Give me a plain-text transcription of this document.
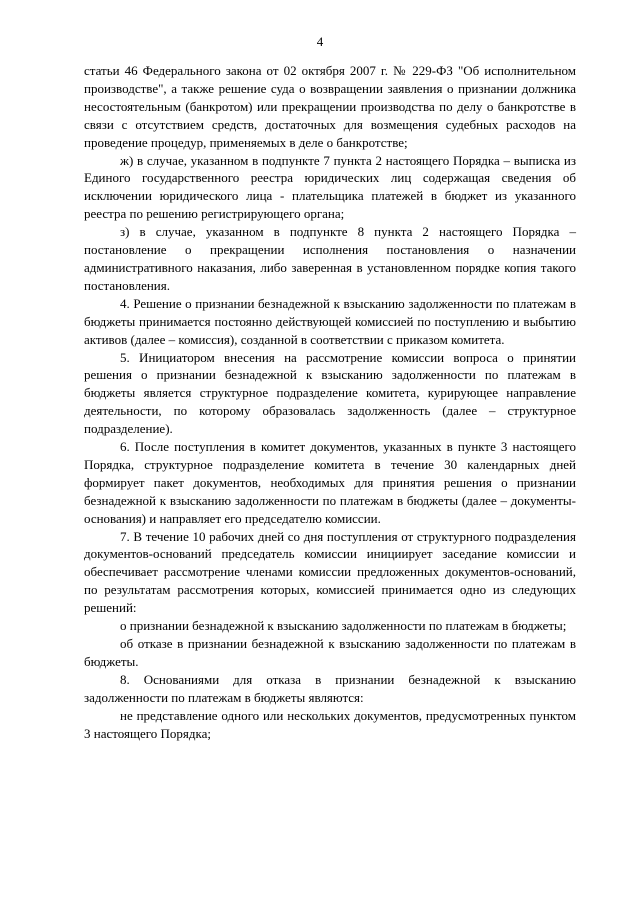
4

статьи 46 Федерального закона от 02 октября 2007 г. № 229-ФЗ "Об исполнительном производстве", а также решение суда о возвращении заявления о признании должника несостоятельным (банкротом) или прекращении производства по делу о банкротстве в связи с отсутствием средств, достаточных для возмещения судебных расходов на проведение процедур, применяемых в деле о банкротстве;

ж) в случае, указанном в подпункте 7 пункта 2 настоящего Порядка – выписка из Единого государственного реестра юридических лиц содержащая сведения об исключении юридического лица - плательщика платежей в бюджет из указанного реестра по решению регистрирующего органа;

з) в случае, указанном в подпункте 8 пункта 2 настоящего Порядка – постановление о прекращении исполнения постановления о назначении административного наказания, либо заверенная в установленном порядке копия такого постановления.

4. Решение о признании безнадежной к взысканию задолженности по платежам в бюджеты принимается постоянно действующей комиссией по поступлению и выбытию активов (далее – комиссия), созданной в соответствии с приказом комитета.

5. Инициатором внесения на рассмотрение комиссии вопроса о принятии решения о признании безнадежной к взысканию задолженности по платежам в бюджеты является структурное подразделение комитета, курирующее направление деятельности, по которому образовалась задолженность (далее – структурное подразделение).

6. После поступления в комитет документов, указанных в пункте 3 настоящего Порядка, структурное подразделение комитета в течение 30 календарных дней формирует пакет документов, необходимых для принятия решения о признании безнадежной к взысканию задолженности по платежам в бюджеты (далее – документы-основания) и направляет его председателю комиссии.

7. В течение 10 рабочих дней со дня поступления от структурного подразделения документов-оснований председатель комиссии инициирует заседание комиссии и обеспечивает рассмотрение членами комиссии предложенных документов-оснований, по результатам рассмотрения которых, комиссией принимается одно из следующих решений:

о признании безнадежной к взысканию задолженности по платежам в бюджеты;

об отказе в признании безнадежной к взысканию задолженности по платежам в бюджеты.

8. Основаниями для отказа в признании безнадежной к взысканию задолженности по платежам в бюджеты являются:

не представление одного или нескольких документов, предусмотренных пунктом 3 настоящего Порядка;
